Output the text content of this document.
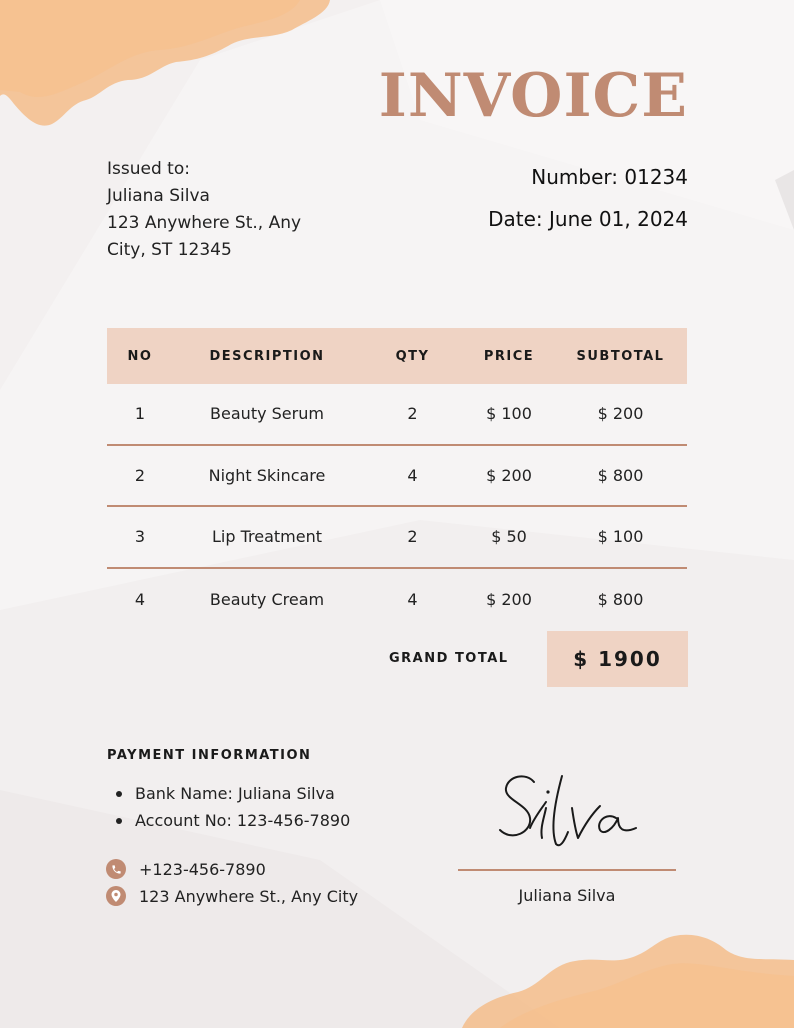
INVOICE
Issued to:
Juliana Silva
123 Anywhere St., Any
City, ST 12345
Number: 01234
Date: June 01, 2024
NO	DESCRIPTION	QTY	PRICE	SUBTOTAL
1	Beauty Serum	2	$ 100	$ 200
2	Night Skincare	4	$ 200	$ 800
3	Lip Treatment	2	$ 50	$ 100
4	Beauty Cream	4	$ 200	$ 800
GRAND TOTAL	$ 1900
PAYMENT INFORMATION
Bank Name: Juliana Silva
Account No: 123-456-7890
+123-456-7890
123 Anywhere St., Any City	Juliana Silva
